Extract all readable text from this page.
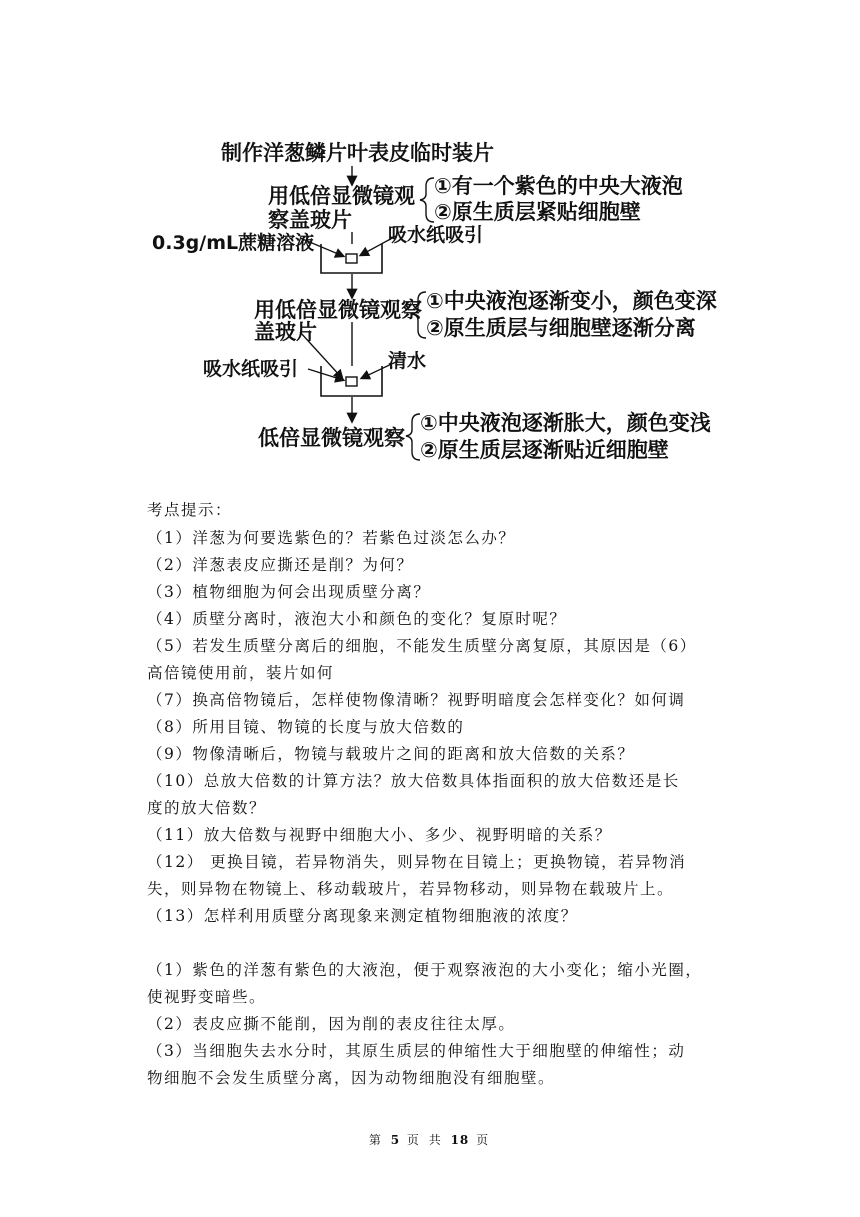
制作洋葱鳞片叶表皮临时装片
用低倍显微镜观
察盖玻片
①有一个紫色的中央大液泡
②原生质层紧贴细胞壁
0.3g/mL蔗糖溶液	吸水纸吸引
用低倍显微镜观察
盖玻片
①中央液泡逐渐变小，颜色变深
②原生质层与细胞壁逐渐分离
吸水纸吸引	清水
低倍显微镜观察
①中央液泡逐渐胀大，颜色变浅
②原生质层逐渐贴近细胞壁
考点提示：
（1）洋葱为何要选紫色的？若紫色过淡怎么办？
（2）洋葱表皮应撕还是削？为何？
（3）植物细胞为何会出现质壁分离？
（4）质壁分离时，液泡大小和颜色的变化？复原时呢？
（5）若发生质壁分离后的细胞，不能发生质壁分离复原，其原因是（6）
高倍镜使用前，装片如何
（7）换高倍物镜后，怎样使物像清晰？视野明暗度会怎样变化？如何调
（8）所用目镜、物镜的长度与放大倍数的
（9）物像清晰后，物镜与载玻片之间的距离和放大倍数的关系？
（10）总放大倍数的计算方法？放大倍数具体指面积的放大倍数还是长
度的放大倍数？
（11）放大倍数与视野中细胞大小、多少、视野明暗的关系？
（12） 更换目镜，若异物消失，则异物在目镜上；更换物镜，若异物消
失，则异物在物镜上、移动载玻片，若异物移动，则异物在载玻片上。
（13）怎样利用质壁分离现象来测定植物细胞液的浓度？
（1）紫色的洋葱有紫色的大液泡，便于观察液泡的大小变化；缩小光圈，
使视野变暗些。
（2）表皮应撕不能削，因为削的表皮往往太厚。
（3）当细胞失去水分时，其原生质层的伸缩性大于细胞壁的伸缩性；动
物细胞不会发生质壁分离，因为动物细胞没有细胞壁。
第 5 页 共 18 页
